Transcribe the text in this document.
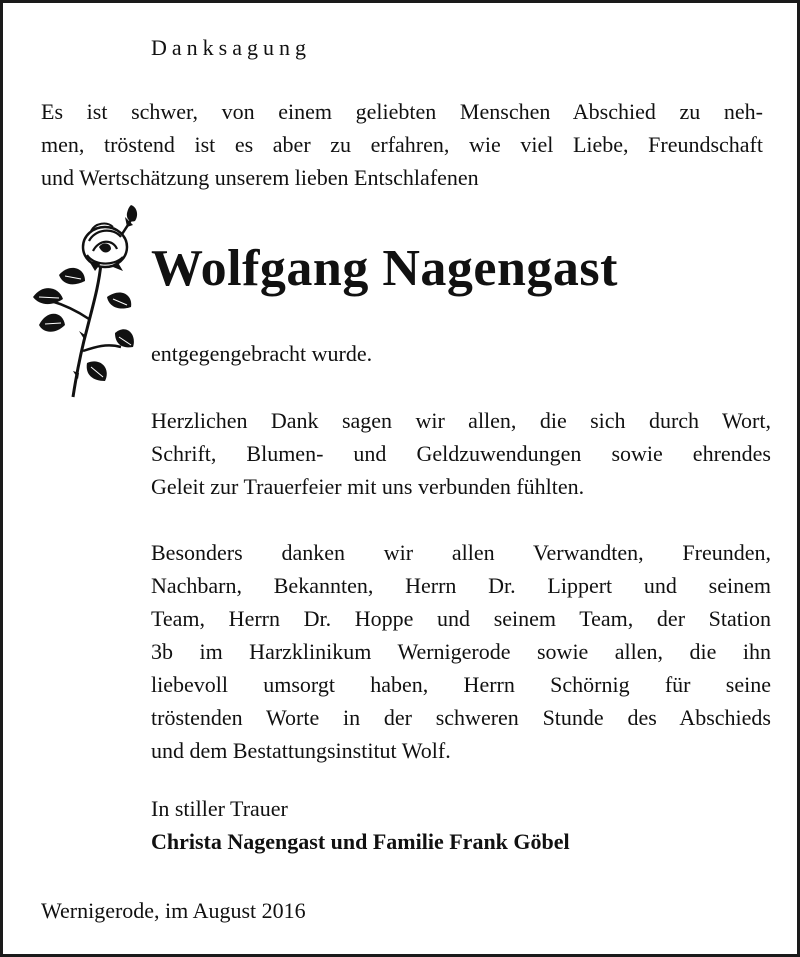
Danksagung
Es ist schwer, von einem geliebten Menschen Abschied zu neh-
men, tröstend ist es aber zu erfahren, wie viel Liebe, Freundschaft
und Wertschätzung unserem lieben Entschlafenen
Wolfgang Nagengast
entgegengebracht wurde.
Herzlichen Dank sagen wir allen, die sich durch Wort,
Schrift, Blumen- und Geldzuwendungen sowie ehrendes
Geleit zur Trauerfeier mit uns verbunden fühlten.
Besonders danken wir allen Verwandten, Freunden,
Nachbarn, Bekannten, Herrn Dr. Lippert und seinem
Team, Herrn Dr. Hoppe und seinem Team, der Station
3b im Harzklinikum Wernigerode sowie allen, die ihn
liebevoll umsorgt haben, Herrn Schörnig für seine
tröstenden Worte in der schweren Stunde des Abschieds
und dem Bestattungsinstitut Wolf.
In stiller Trauer
Christa Nagengast und Familie Frank Göbel
Wernigerode, im August 2016
